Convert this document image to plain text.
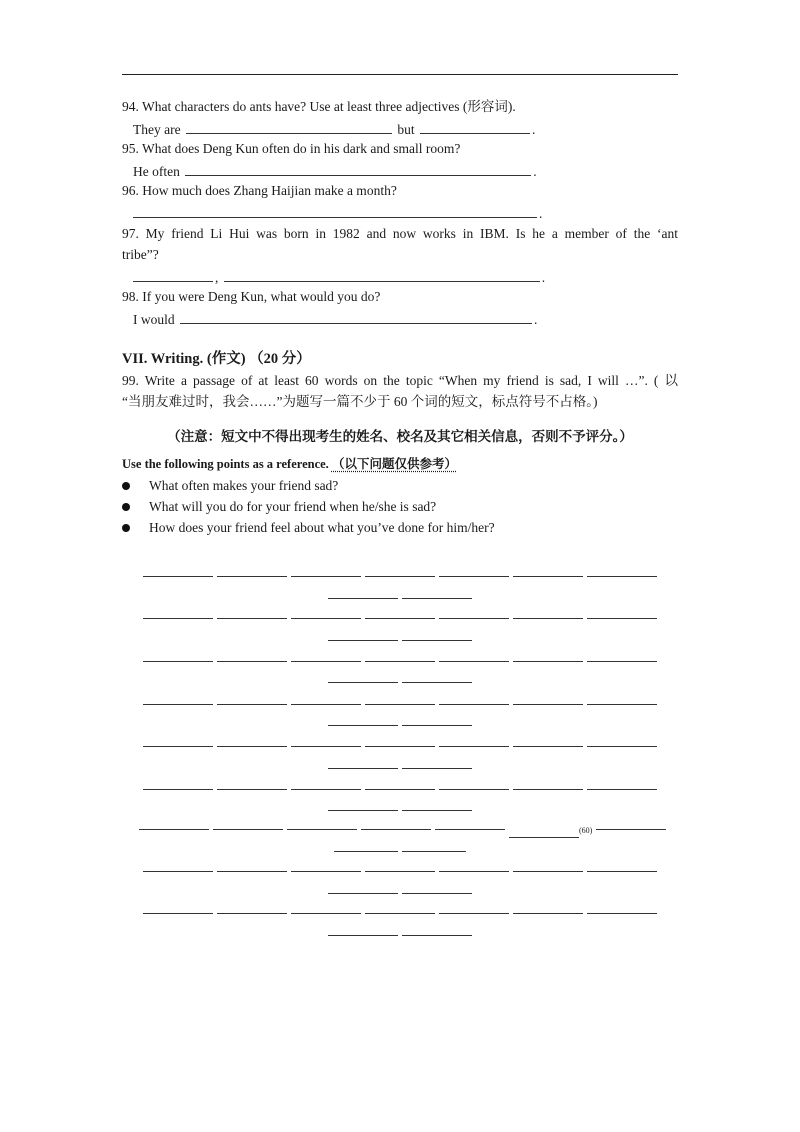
94. What characters do ants have? Use at least three adjectives (形容词).
They are	but	.
95. What does Deng Kun often do in his dark and small room?
He often	.
96. How much does Zhang Haijian make a month?
.
97. My friend Li Hui was born in 1982 and now works in IBM. Is he a member of the ‘ant
tribe”?
,	.
98. If you were Deng Kun, what would you do?
I would	.
VII. Writing. (作文) （20 分）
99. Write a passage of at least 60 words on the topic “When my friend is sad, I will …”. ( 以
“当朋友难过时，我会……”为题写一篇不少于 60 个词的短文，标点符号不占格。)
（注意：短文中不得出现考生的姓名、校名及其它相关信息，否则不予评分。）
Use the following points as a reference. （以下问题仅供参考）
What often makes your friend sad?
What will you do for your friend when he/she is sad?
How does your friend feel about what you’ve done for him/her?
(60)
